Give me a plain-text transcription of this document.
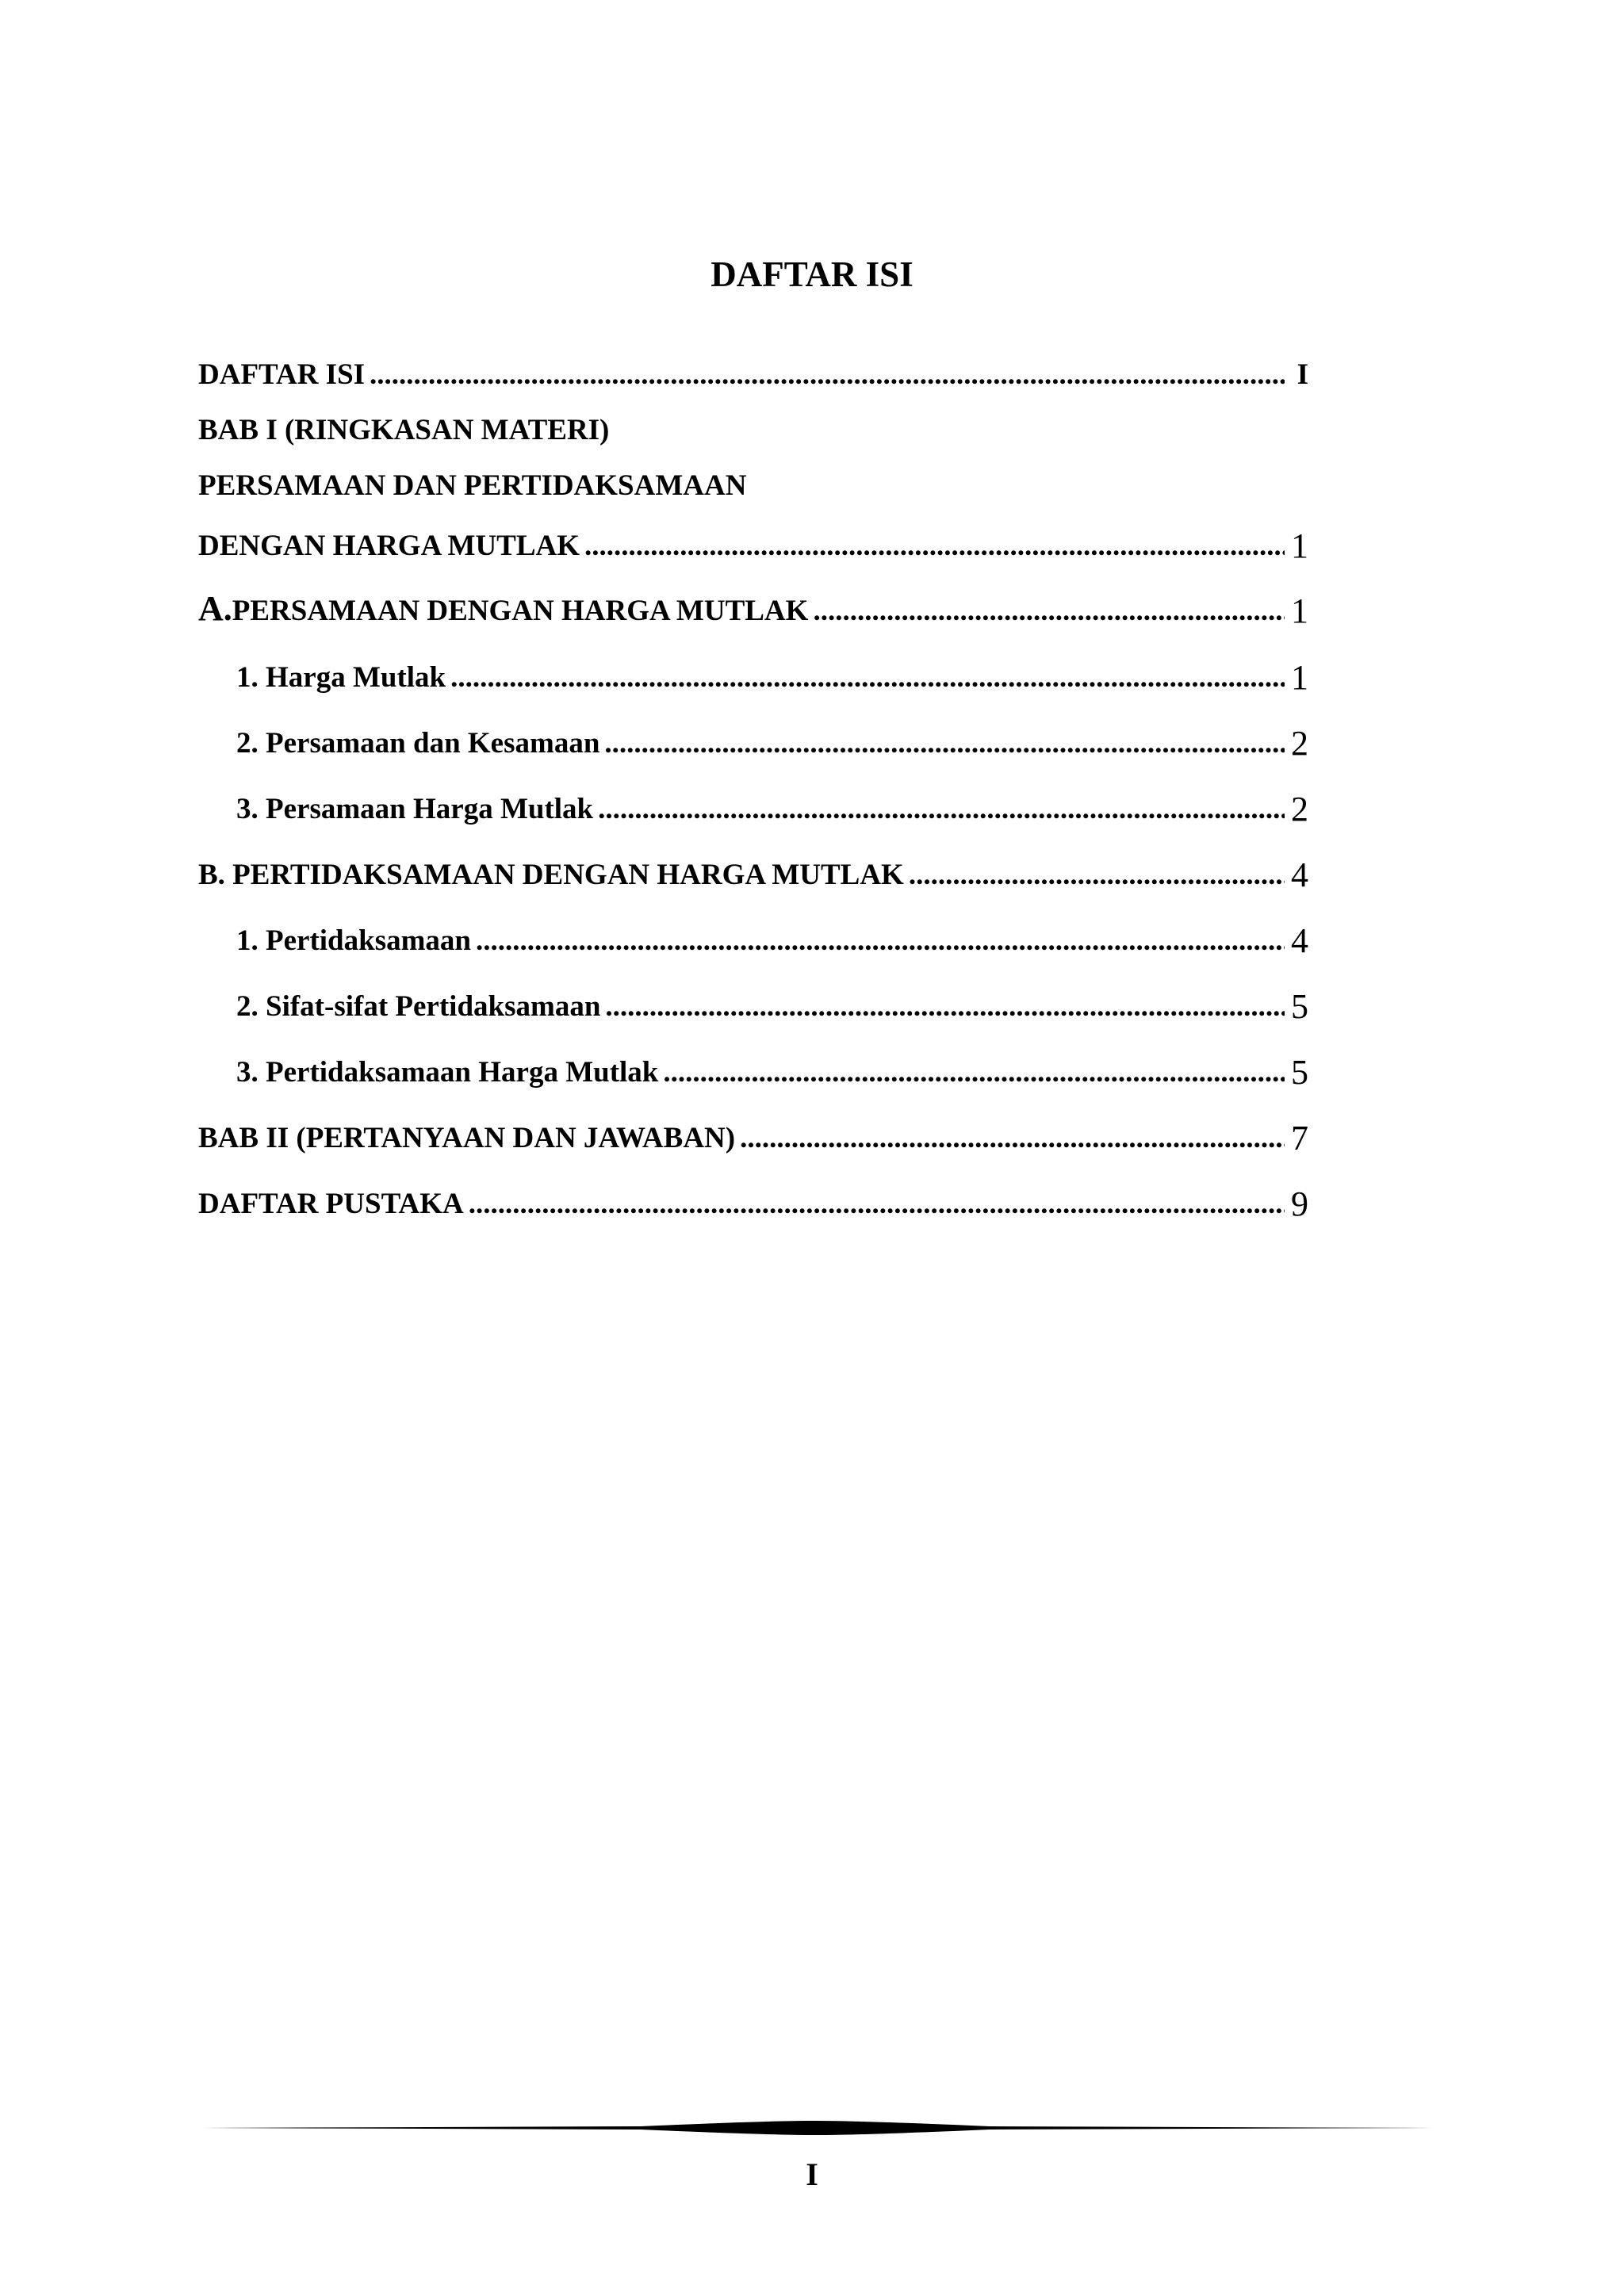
DAFTAR ISI
DAFTAR ISI .....	I
BAB I (RINGKASAN MATERI)
PERSAMAAN DAN PERTIDAKSAMAAN
DENGAN HARGA MUTLAK .....	1
A.PERSAMAAN DENGAN HARGA MUTLAK .....	1
1. Harga Mutlak .....	1
2. Persamaan dan Kesamaan .....	2
3. Persamaan Harga Mutlak .....	2
B. PERTIDAKSAMAAN DENGAN HARGA MUTLAK .....	4
1. Pertidaksamaan .....	4
2. Sifat-sifat Pertidaksamaan .....	5
3. Pertidaksamaan Harga Mutlak .....	5
BAB II (PERTANYAAN DAN JAWABAN) .....	7
DAFTAR PUSTAKA .....	9
I
